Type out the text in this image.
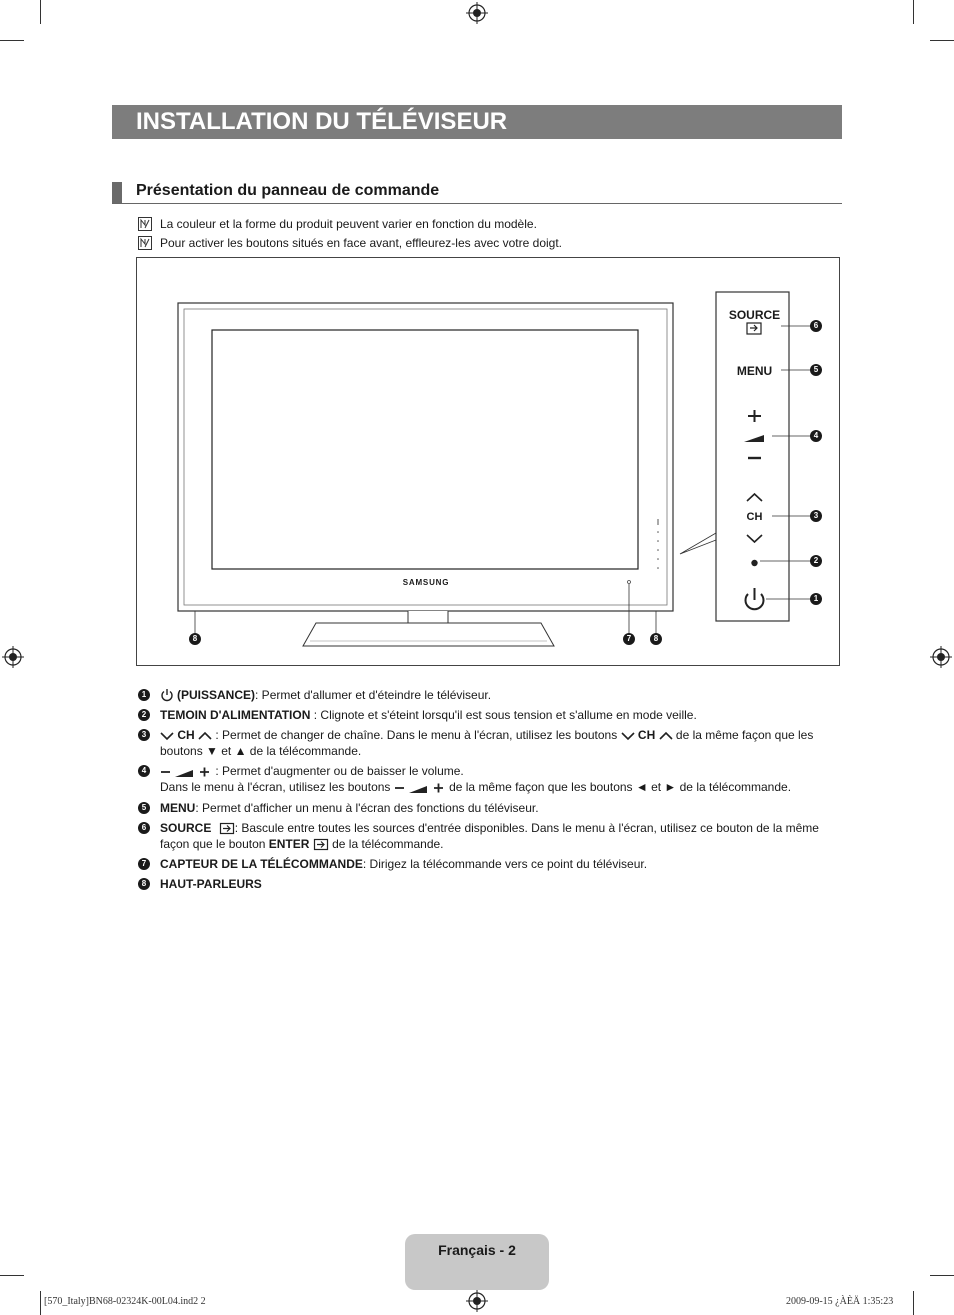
INSTALLATION DU TÉLÉVISEUR
Présentation du panneau de commande
La couleur et la forme du produit peuvent varier en fonction du modèle.
Pour activer les boutons situés en face avant, effleurez-les avec votre doigt.
SAMSUNG
SOURCE
MENU
CH
6
5
4
3
2
1
8	7	8
1	(PUISSANCE): Permet d'allumer et d'éteindre le téléviseur.
2	TEMOIN D'ALIMENTATION : Clignote et s'éteint lorsqu'il est sous tension et s'allume en mode veille.
3	CH  : Permet de changer de chaîne. Dans le menu à l'écran, utilisez les boutons  CH  de la même façon que les boutons ▼ et ▲ de la télécommande.
4	: Permet d'augmenter ou de baisser le volume.
Dans le menu à l'écran, utilisez les boutons	de la même façon que les boutons ◄ et ► de la télécommande.
5	MENU: Permet d'afficher un menu à l'écran des fonctions du téléviseur.
6	SOURCE : Bascule entre toutes les sources d'entrée disponibles. Dans le menu à l'écran, utilisez ce bouton de la même façon que le bouton ENTER  de la télécommande.
7	CAPTEUR DE LA TÉLÉCOMMANDE: Dirigez la télécommande vers ce point du téléviseur.
8	HAUT-PARLEURS
Français - 2
[570_Italy]BN68-02324K-00L04.ind2 2	2009-09-15 ¿ÀÈÄ 1:35:23
